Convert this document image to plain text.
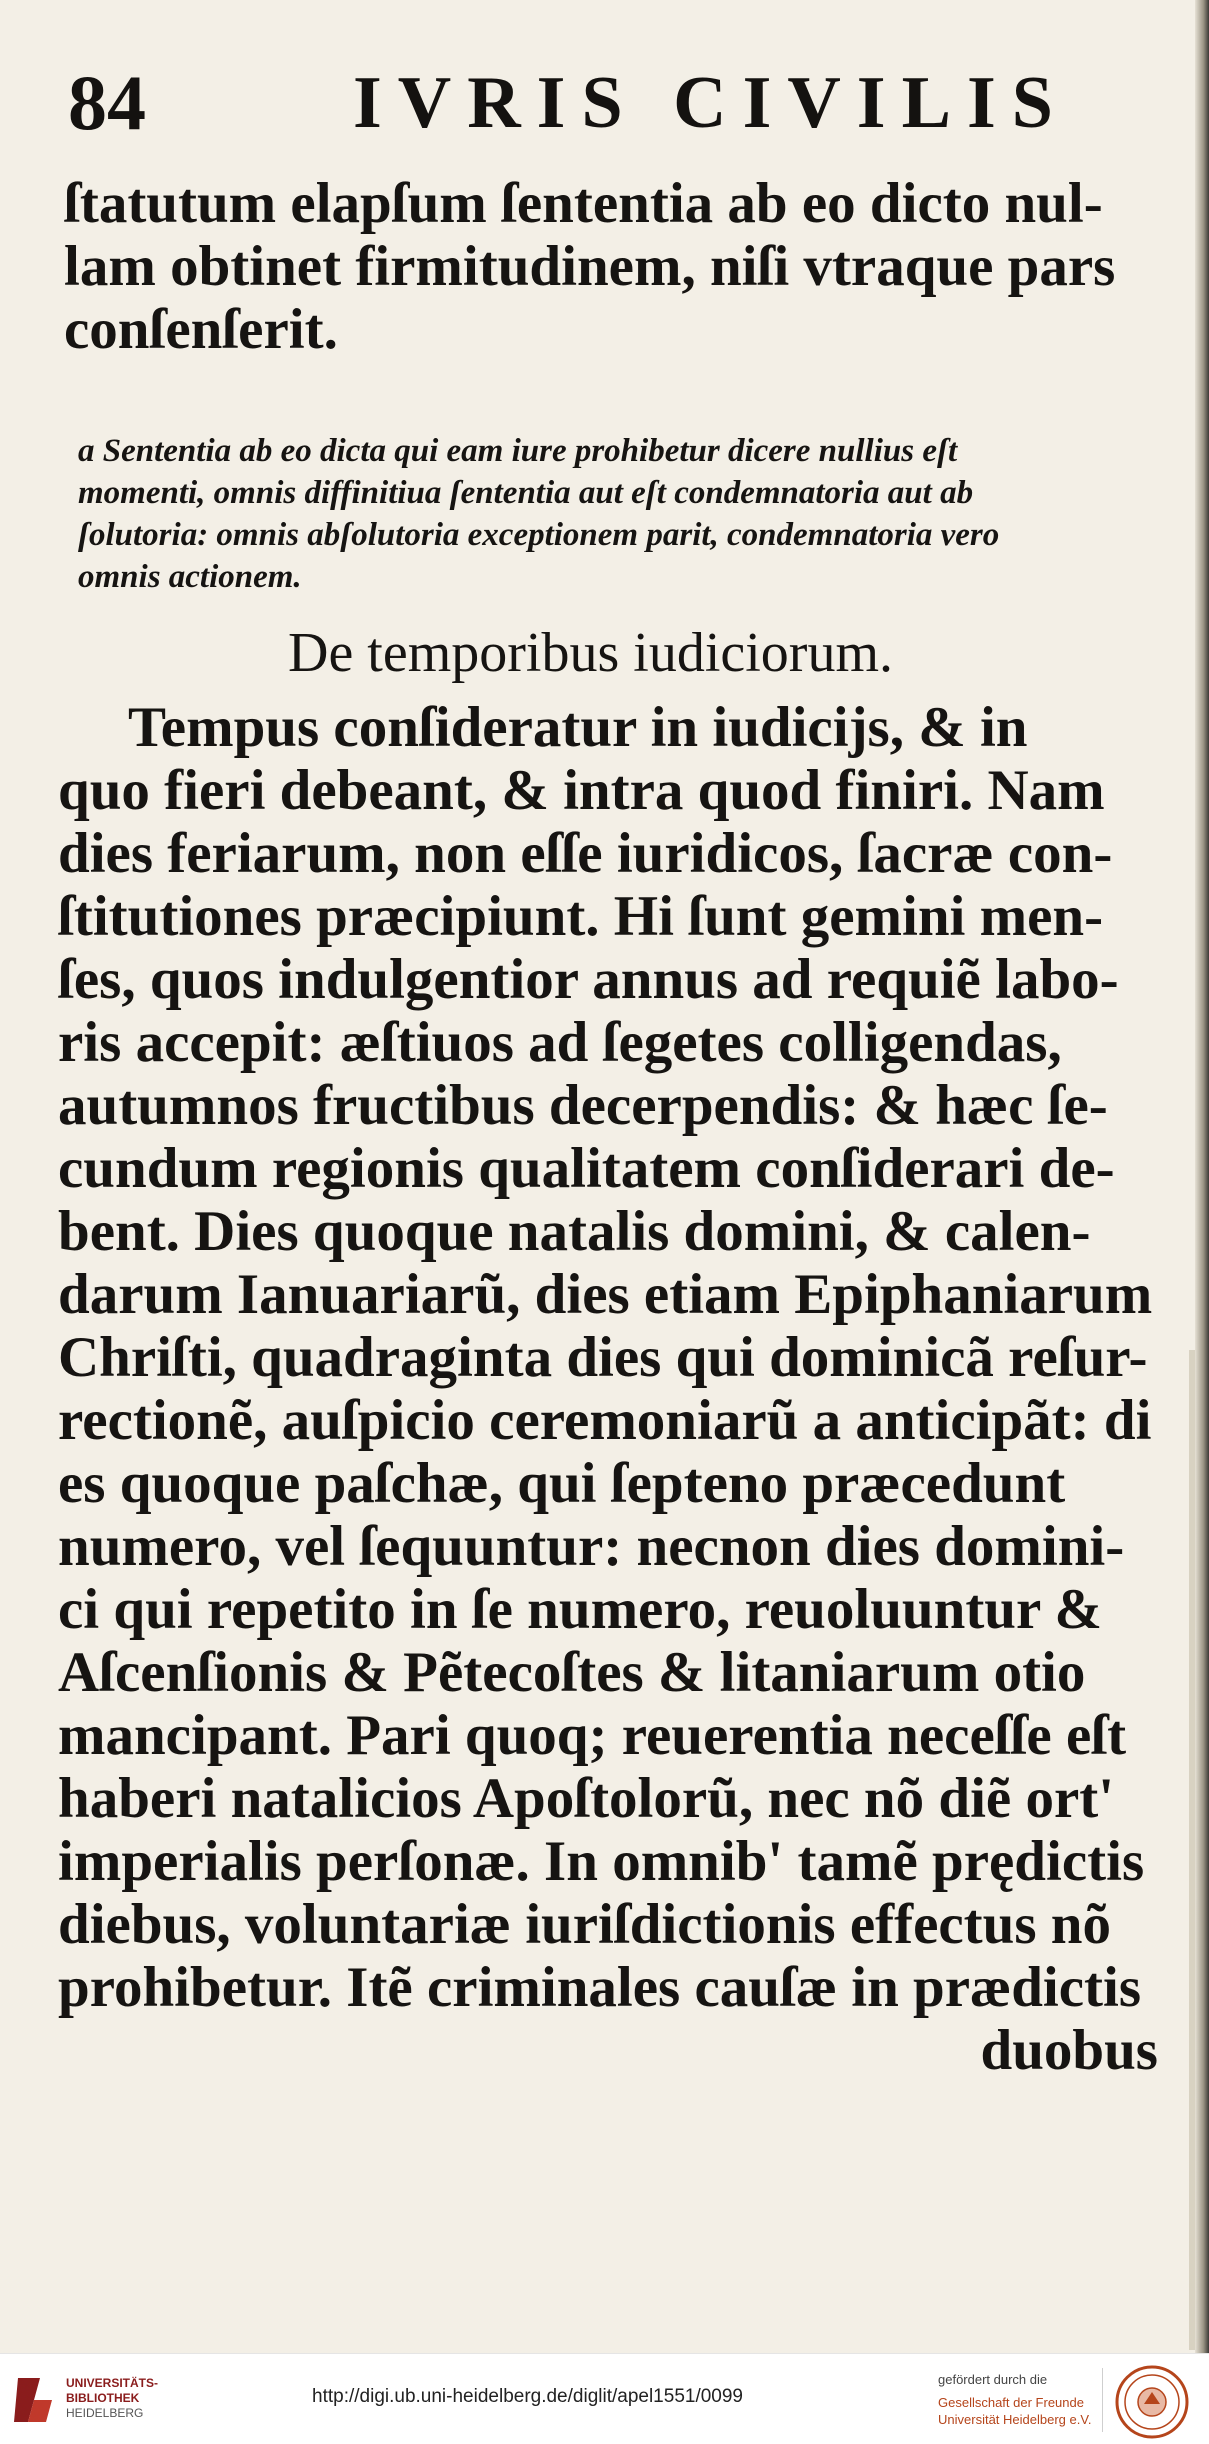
84	IVRIS CIVILIS
ſtatutum elapſum ſententia ab eo dicto nul-
lam obtinet firmitudinem, niſi vtraque pars
conſenſerit.
a Sententia ab eo dicta qui eam iure prohibetur dicere nullius eſt
momenti, omnis diffinitiua ſententia aut eſt condemnatoria aut ab
ſolutoria: omnis abſolutoria exceptionem parit, condemnatoria vero
omnis actionem.
De temporibus iudiciorum.
Tempus conſideratur in iudicijs, & in
quo fieri debeant, & intra quod finiri. Nam
dies feriarum, non eſſe iuridicos, ſacræ con-
ſtitutiones præcipiunt. Hi ſunt gemini men-
ſes, quos indulgentior annus ad requiẽ labo-
ris accepit: æſtiuos ad ſegetes colligendas,
autumnos fructibus decerpendis: & hæc ſe-
cundum regionis qualitatem conſiderari de-
bent. Dies quoque natalis domini, & calen-
darum Ianuariarũ, dies etiam Epiphaniarum
Chriſti, quadraginta dies qui dominicã reſur-
rectionẽ, auſpicio ceremoniarũ a anticipãt: di
es quoque paſchæ, qui ſepteno præcedunt
numero, vel ſequuntur: necnon dies domini-
ci qui repetito in ſe numero, reuoluuntur &
Aſcenſionis & Pẽtecoſtes & litaniarum otio
mancipant. Pari quoq; reuerentia neceſſe eſt
haberi natalicios Apoſtolorũ, nec nõ diẽ ort'
imperialis perſonæ. In omnib' tamẽ prędictis
diebus, voluntariæ iuriſdictionis effectus nõ
prohibetur. Itẽ criminales cauſæ in prædictis
duobus
UNIVERSITÄTS-
BIBLIOTHEK
HEIDELBERG
http://digi.ub.uni-heidelberg.de/diglit/apel1551/0099
gefördert durch die
Gesellschaft der Freunde
Universität Heidelberg e.V.
